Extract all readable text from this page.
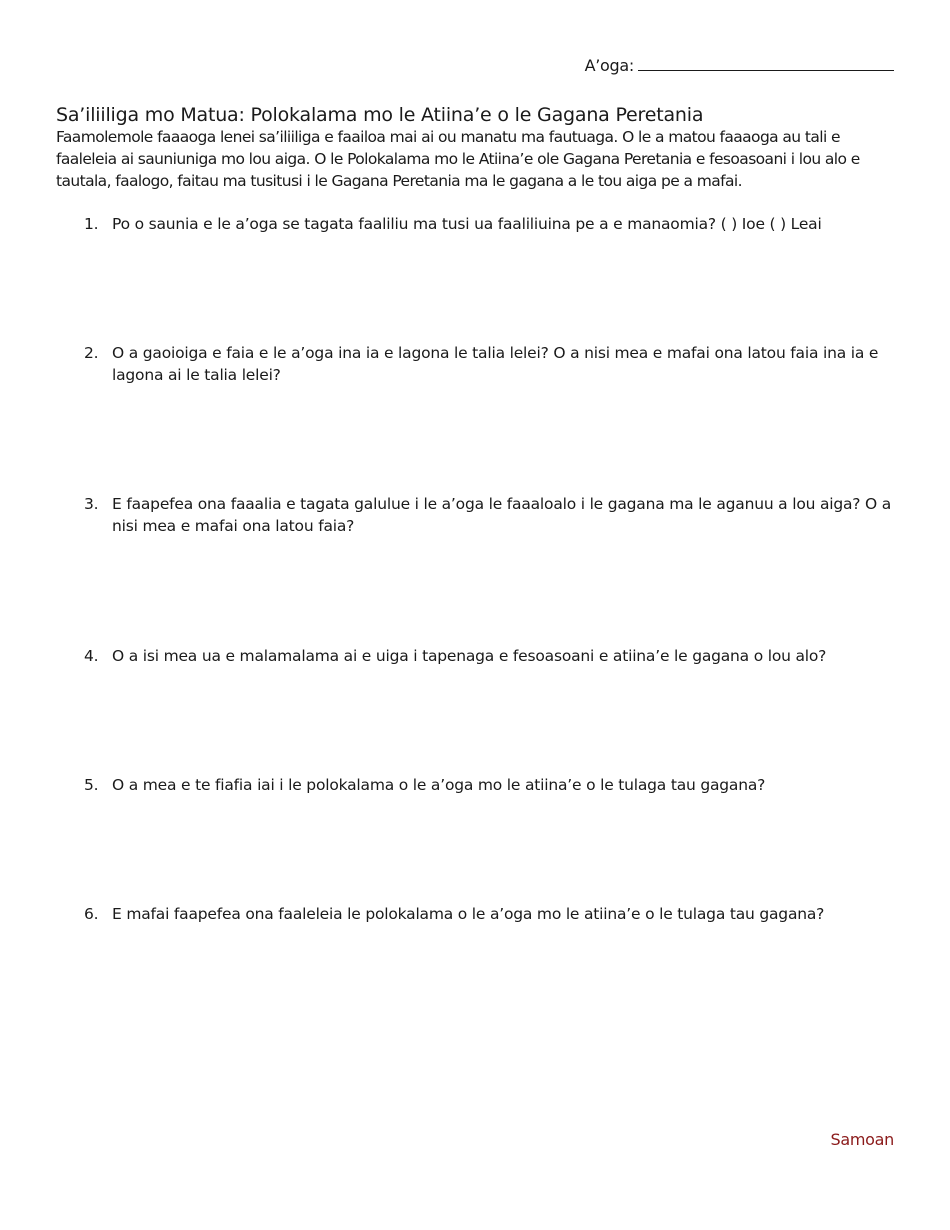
A’oga:
Sa’iliiliga mo Matua: Polokalama mo le Atiina’e o le Gagana Peretania

Faamolemole faaaoga lenei sa’iliiliga e faailoa mai ai ou manatu ma fautuaga. O le a matou faaaoga au tali e faaleleia ai sauniuniga mo lou aiga. O le Polokalama mo le Atiina’e ole Gagana Peretania e fesoasoani i lou alo e tautala, faalogo, faitau ma tusitusi i le Gagana Peretania ma le gagana a le tou aiga pe a mafai.

1. Po o saunia e le a’oga se tagata faaliliu ma tusi ua faaliliuina pe a e manaomia? ( ) Ioe ( ) Leai
2. O a gaoioiga e faia e le a’oga ina ia e lagona le talia lelei? O a nisi mea e mafai ona latou faia ina ia e lagona ai le talia lelei?
3. E faapefea ona faaalia e tagata galulue i le a’oga le faaaloalo i le gagana ma le aganuu a lou aiga? O a nisi mea e mafai ona latou faia?
4. O a isi mea ua e malamalama ai e uiga i tapenaga e fesoasoani e atiina’e le gagana o lou alo?
5. O a mea e te fiafia iai i le polokalama o le a’oga mo le atiina’e o le tulaga tau gagana?
6. E mafai faapefea ona faaleleia le polokalama o le a’oga mo le atiina’e o le tulaga tau gagana?
Samoan
